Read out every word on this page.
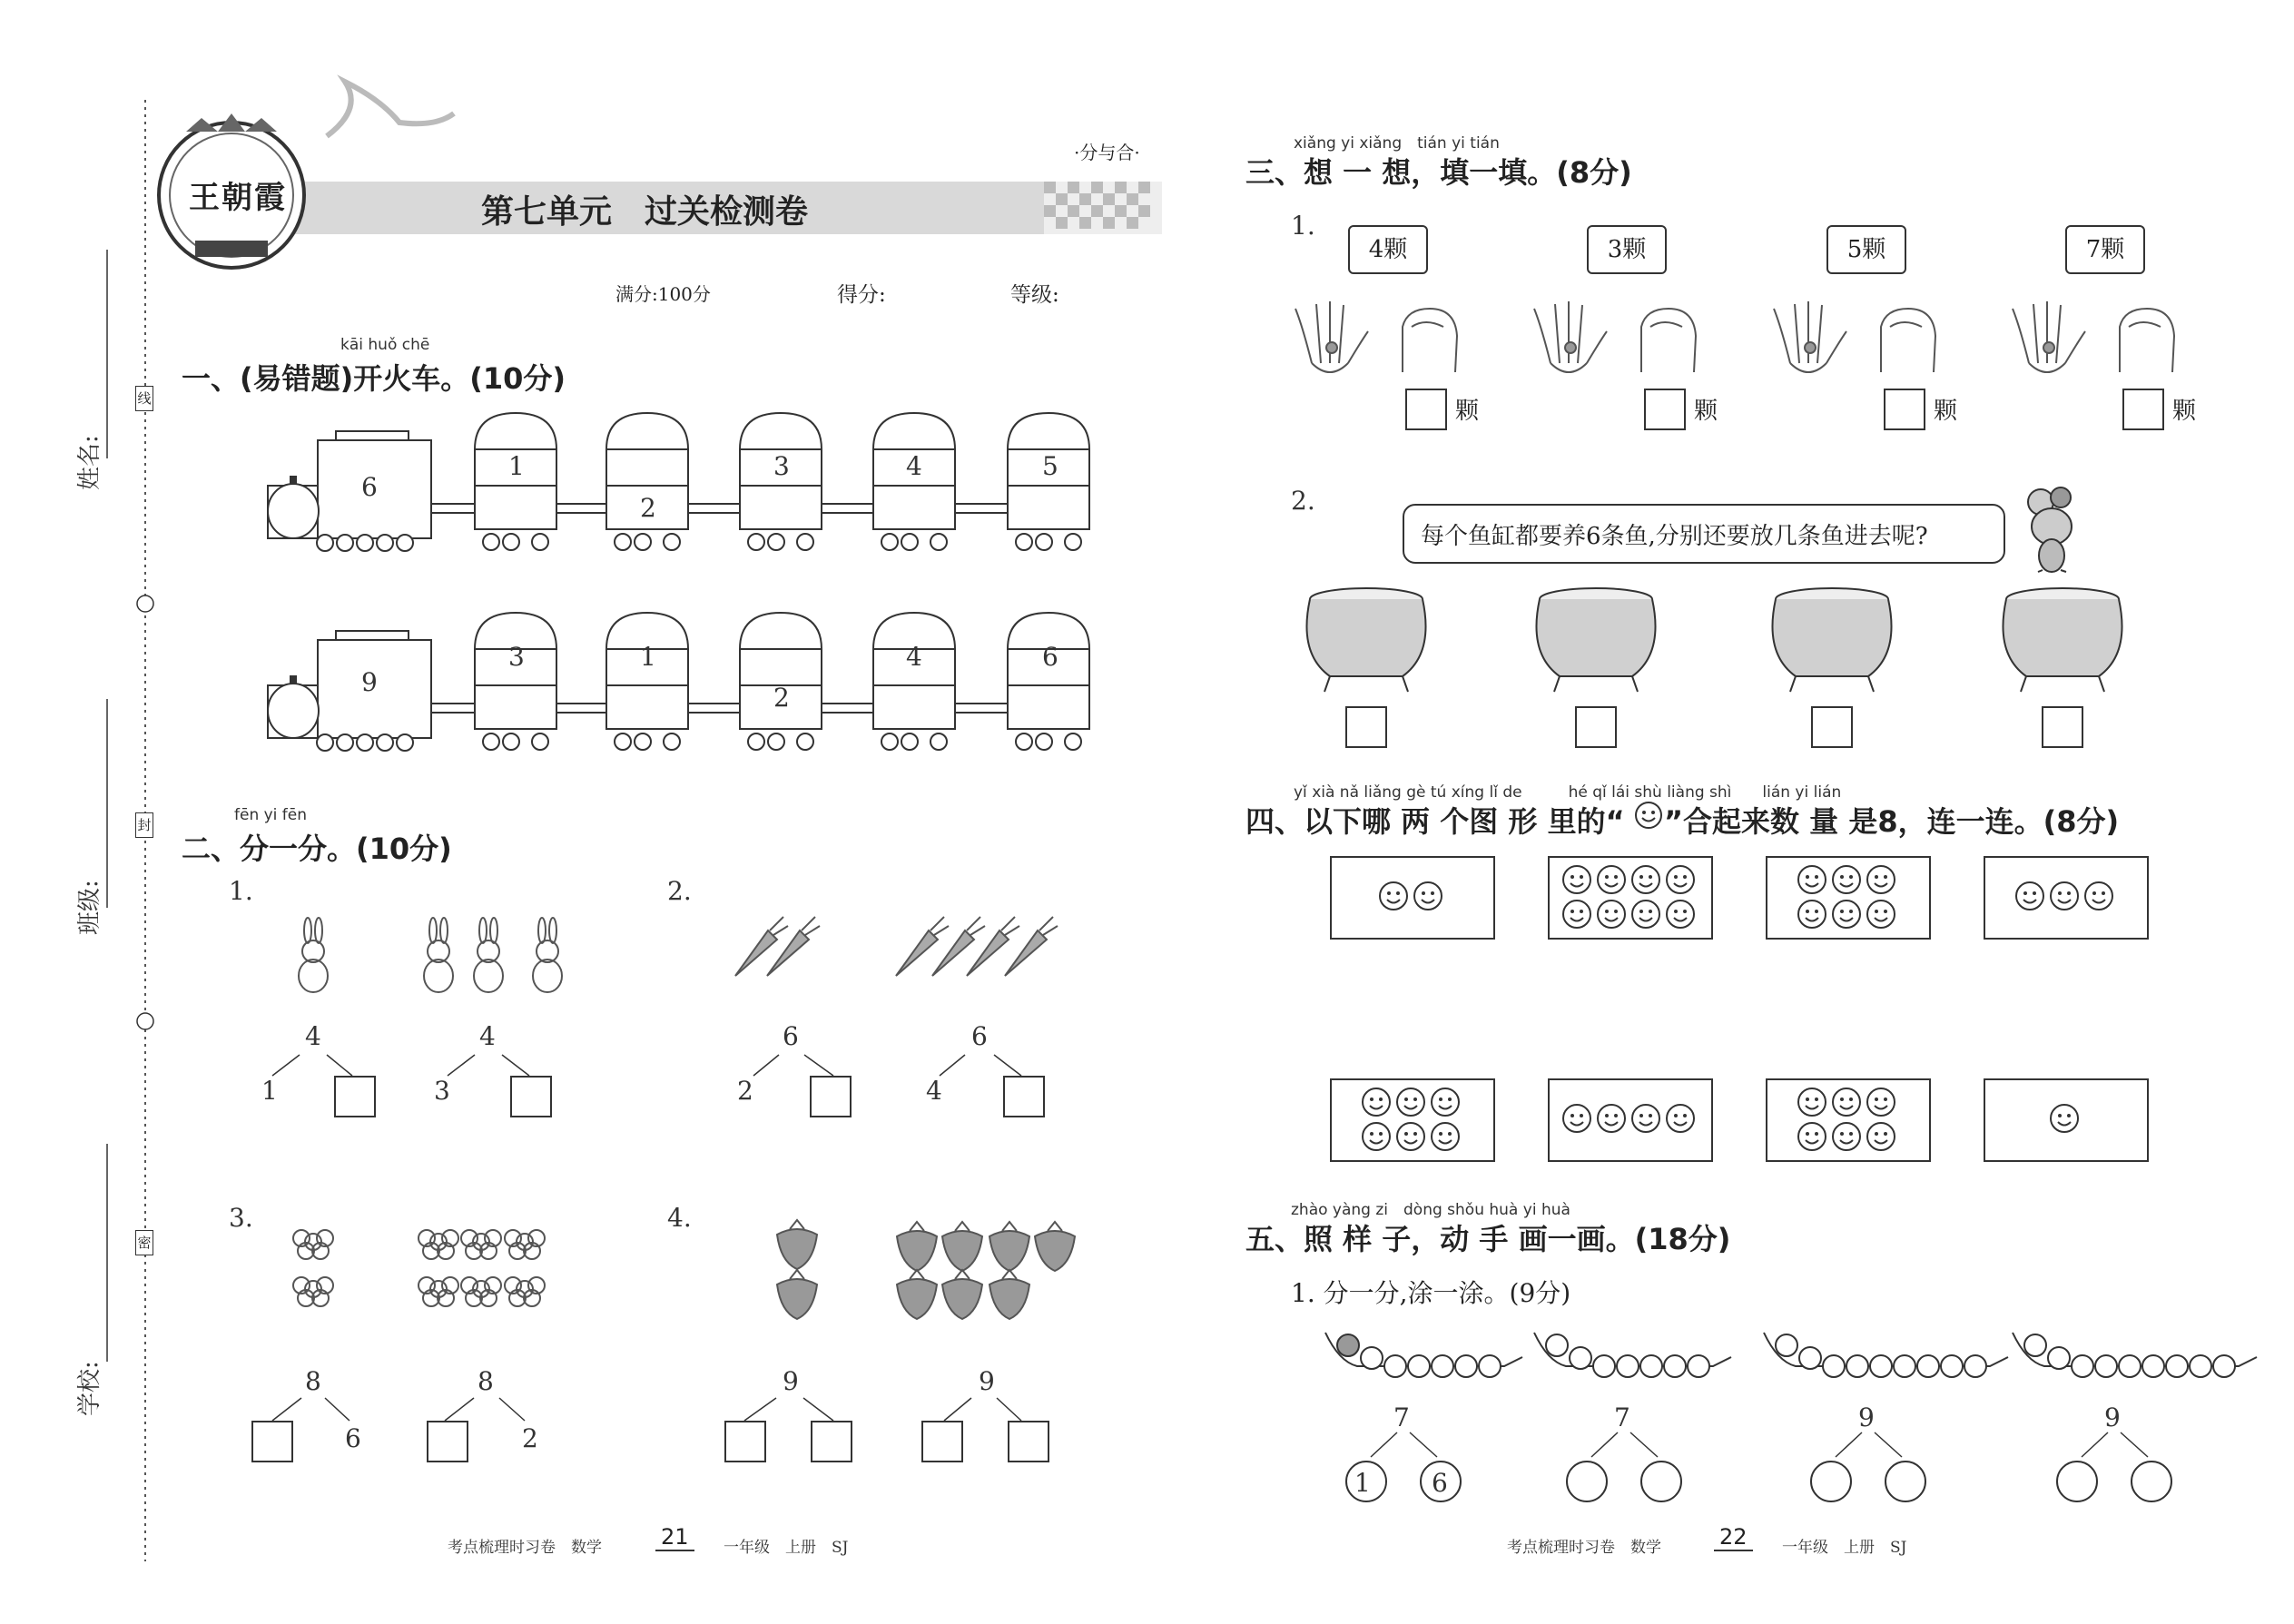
姓名:
班级:
学校:
线
封
密
王朝霞	第七单元　过关检测卷
·分与合·
满分:100分	得分:	等级:
kāi huǒ chē
一、(易错题)开火车。(10分)
6
1
2
3	4	5
9
3	1
2
4	6
fēn yi fēn
二、分一分。(10分)
1.	2.
3.	4.
4
1
4
3
6
2
6
4
8
6
8
2
9	9
xiǎng yi xiǎng　tián yi tián
三、想 一 想，填一填。(8分)
1.
4颗
颗
3颗
颗
5颗
颗
7颗
颗
2.
每个鱼缸都要养6条鱼,分别还要放几条鱼进去呢?
yǐ xià nǎ liǎng gè tú xíng lǐ de　　　hé qǐ lái shù liàng shì　　lián yi lián
四、以下哪 两 个图 形 里的“ ”合起来数 量 是8，连一连。(8分)
zhào yàng zi　dòng shǒu huà yi huà
五、照 样 子，动 手 画一画。(18分)
1. 分一分,涂一涂。(9分)
7
1 6
7	9	9
考点梳理时习卷　数学	21	一年级　上册　SJ	考点梳理时习卷　数学	22	一年级　上册　SJ
